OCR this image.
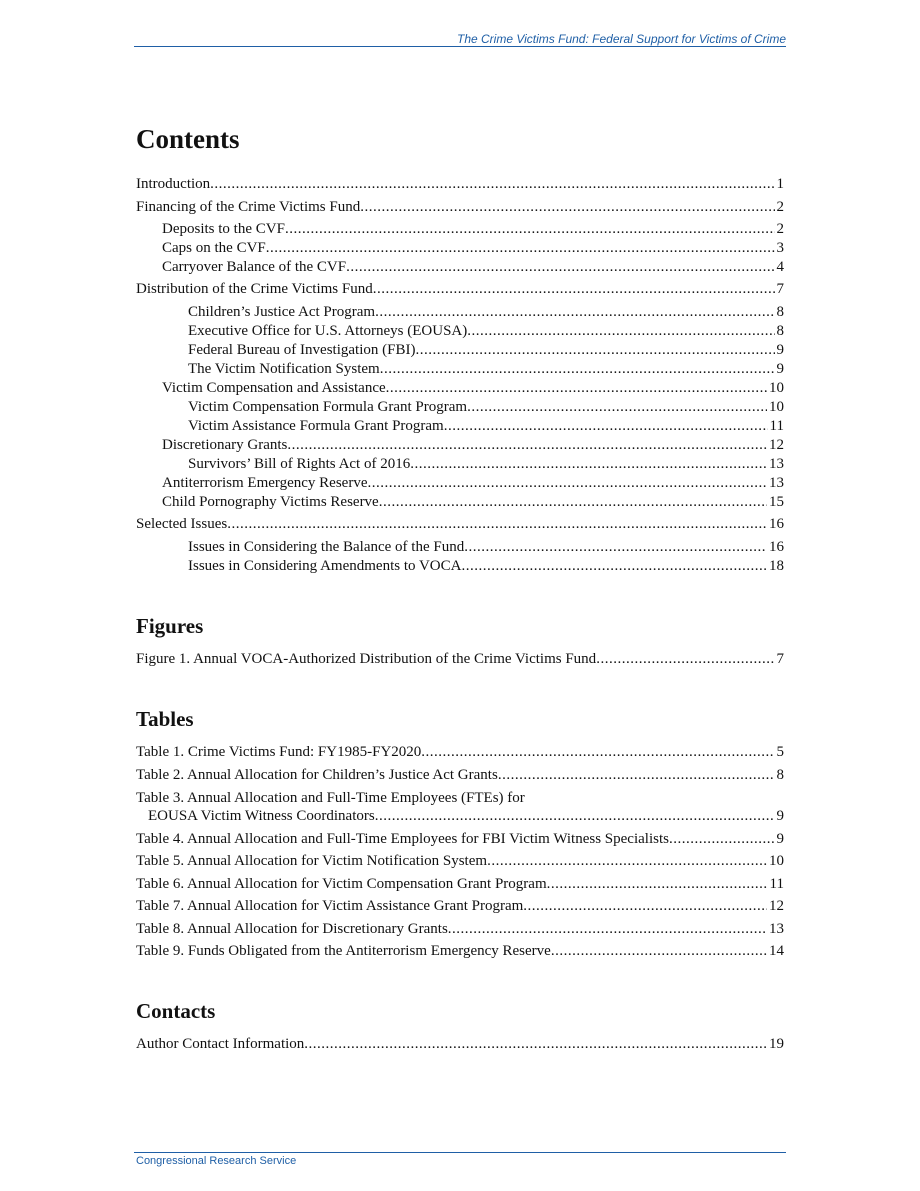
The Crime Victims Fund: Federal Support for Victims of Crime
Contents
Introduction .....	1
Financing of the Crime Victims Fund .....	2
Deposits to the CVF .....	2
Caps on the CVF .....	3
Carryover Balance of the CVF .....	4
Distribution of the Crime Victims Fund .....	7
Children’s Justice Act Program .....	8
Executive Office for U.S. Attorneys (EOUSA) .....	8
Federal Bureau of Investigation (FBI) .....	9
The Victim Notification System .....	9
Victim Compensation and Assistance .....	10
Victim Compensation Formula Grant Program .....	10
Victim Assistance Formula Grant Program .....	11
Discretionary Grants .....	12
Survivors’ Bill of Rights Act of 2016 .....	13
Antiterrorism Emergency Reserve .....	13
Child Pornography Victims Reserve .....	15
Selected Issues .....	16
Issues in Considering the Balance of the Fund .....	16
Issues in Considering Amendments to VOCA .....	18
Figures
Figure 1. Annual VOCA-Authorized Distribution of the Crime Victims Fund .....	7
Tables
Table 1. Crime Victims Fund: FY1985-FY2020 .....	5
Table 2. Annual Allocation for Children’s Justice Act Grants .....	8
Table 3. Annual Allocation and Full-Time Employees (FTEs) for
EOUSA Victim Witness Coordinators .....	9
Table 4. Annual Allocation and Full-Time Employees for FBI Victim Witness Specialists .....	9
Table 5. Annual Allocation for Victim Notification System .....	10
Table 6. Annual Allocation for Victim Compensation Grant Program .....	11
Table 7. Annual Allocation for Victim Assistance Grant Program .....	12
Table 8. Annual Allocation for Discretionary Grants .....	13
Table 9. Funds Obligated from the Antiterrorism Emergency Reserve .....	14
Contacts
Author Contact Information .....	19
Congressional Research Service
